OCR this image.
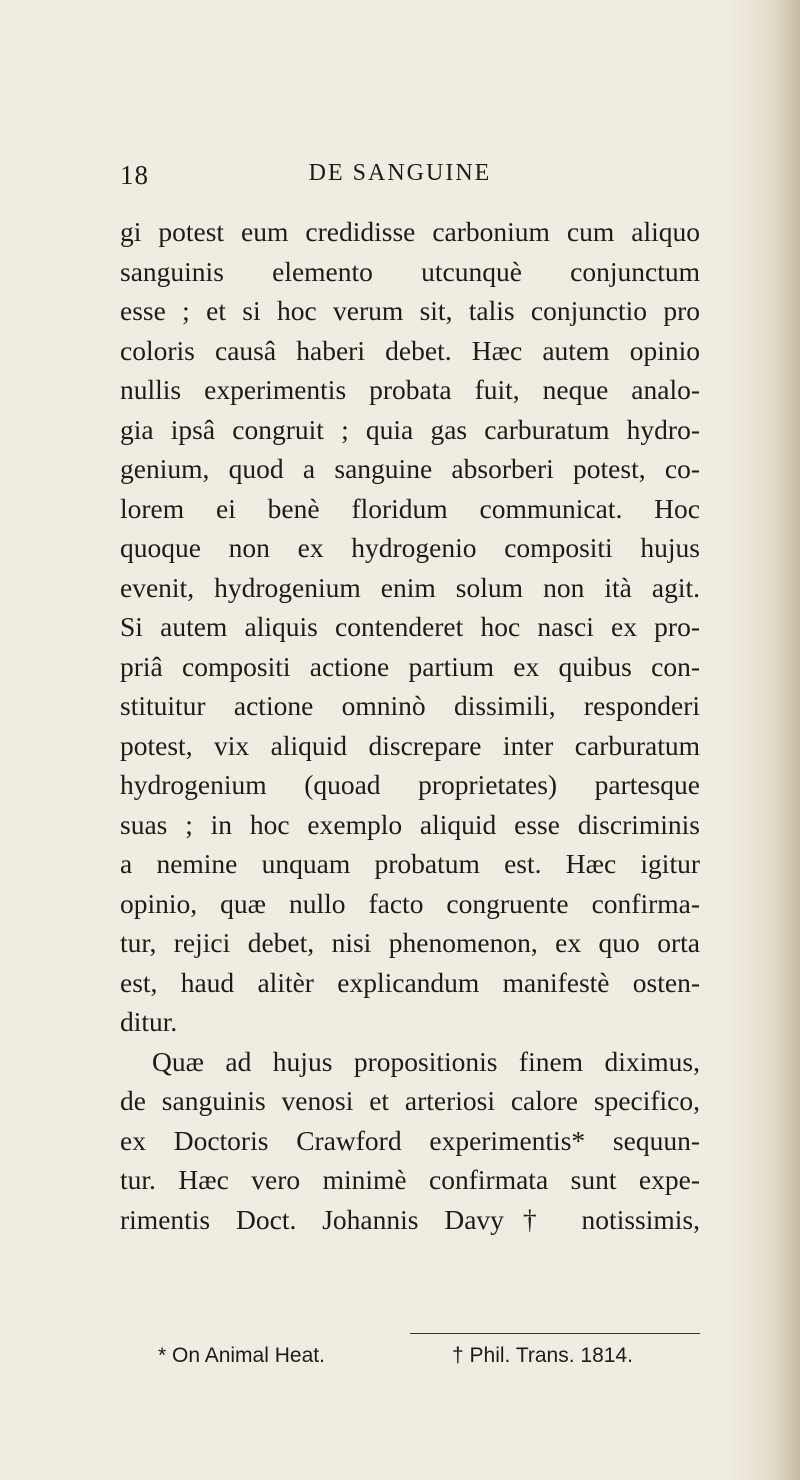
18	DE SANGUINE
gi potest eum credidisse carbonium cum aliquo
sanguinis elemento utcunquè conjunctum
esse ; et si hoc verum sit, talis conjunctio pro
coloris causâ haberi debet. Hæc autem opinio
nullis experimentis probata fuit, neque analo-
gia ipsâ congruit ; quia gas carburatum hydro-
genium, quod a sanguine absorberi potest, co-
lorem ei benè floridum communicat. Hoc
quoque non ex hydrogenio compositi hujus
evenit, hydrogenium enim solum non ità agit.
Si autem aliquis contenderet hoc nasci ex pro-
priâ compositi actione partium ex quibus con-
stituitur actione omninò dissimili, responderi
potest, vix aliquid discrepare inter carburatum
hydrogenium (quoad proprietates) partesque
suas ; in hoc exemplo aliquid esse discriminis
a nemine unquam probatum est. Hæc igitur
opinio, quæ nullo facto congruente confirma-
tur, rejici debet, nisi phenomenon, ex quo orta
est, haud alitèr explicandum manifestè osten-
ditur.
Quæ ad hujus propositionis finem diximus,
de sanguinis venosi et arteriosi calore specifico,
ex Doctoris Crawford experimentis* sequun-
tur. Hæc vero minimè confirmata sunt expe-
rimentis Doct. Johannis Davy† notissimis,
* On Animal Heat.	† Phil. Trans. 1814.
